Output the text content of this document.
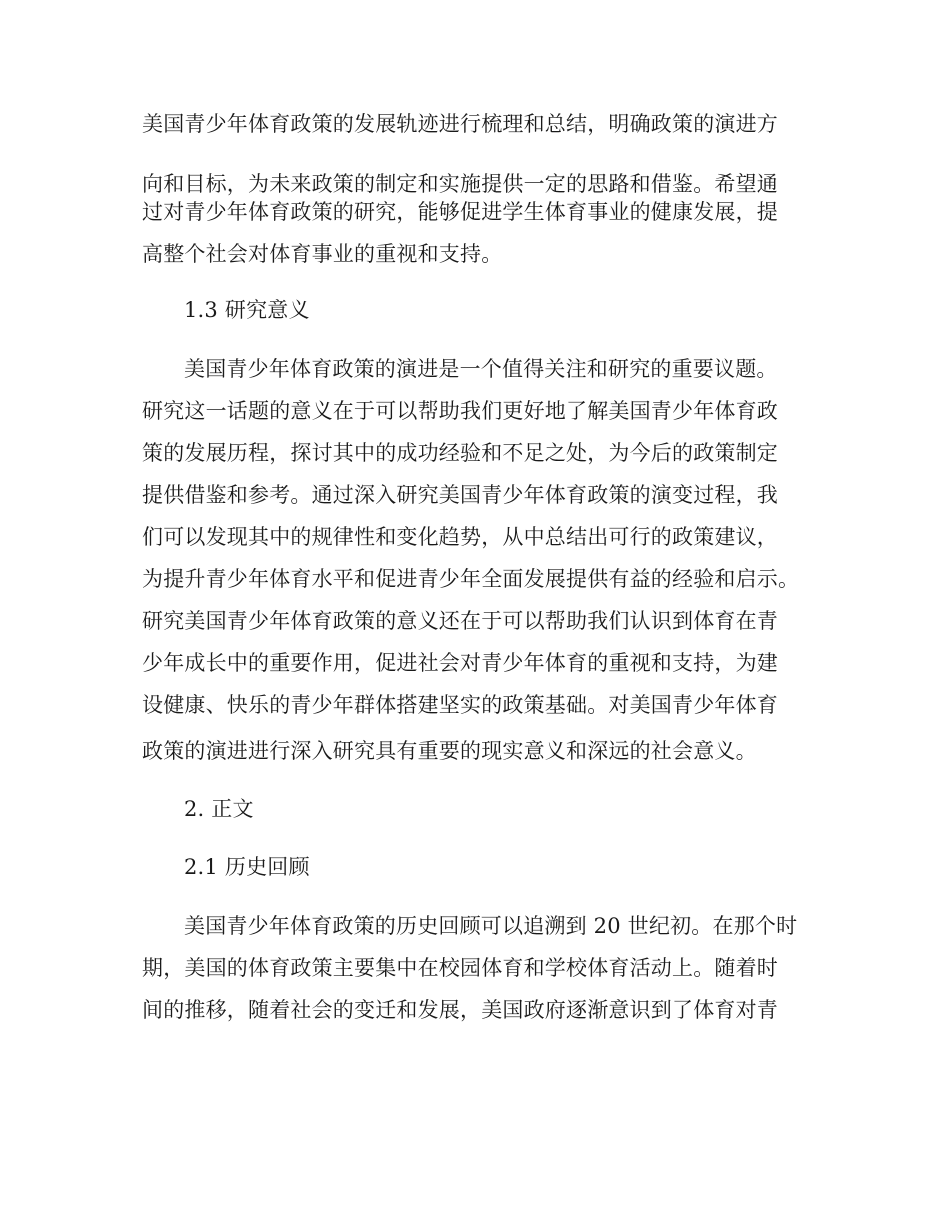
美国青少年体育政策的发展轨迹进行梳理和总结，明确政策的演进方
向和目标，为未来政策的制定和实施提供一定的思路和借鉴。希望通
过对青少年体育政策的研究，能够促进学生体育事业的健康发展，提
高整个社会对体育事业的重视和支持。
1.3 研究意义
美国青少年体育政策的演进是一个值得关注和研究的重要议题。
研究这一话题的意义在于可以帮助我们更好地了解美国青少年体育政
策的发展历程，探讨其中的成功经验和不足之处，为今后的政策制定
提供借鉴和参考。通过深入研究美国青少年体育政策的演变过程，我
们可以发现其中的规律性和变化趋势，从中总结出可行的政策建议，
为提升青少年体育水平和促进青少年全面发展提供有益的经验和启示。
研究美国青少年体育政策的意义还在于可以帮助我们认识到体育在青
少年成长中的重要作用，促进社会对青少年体育的重视和支持，为建
设健康、快乐的青少年群体搭建坚实的政策基础。对美国青少年体育
政策的演进进行深入研究具有重要的现实意义和深远的社会意义。
2. 正文
2.1 历史回顾
美国青少年体育政策的历史回顾可以追溯到 20 世纪初。在那个时
期，美国的体育政策主要集中在校园体育和学校体育活动上。随着时
间的推移，随着社会的变迁和发展，美国政府逐渐意识到了体育对青
